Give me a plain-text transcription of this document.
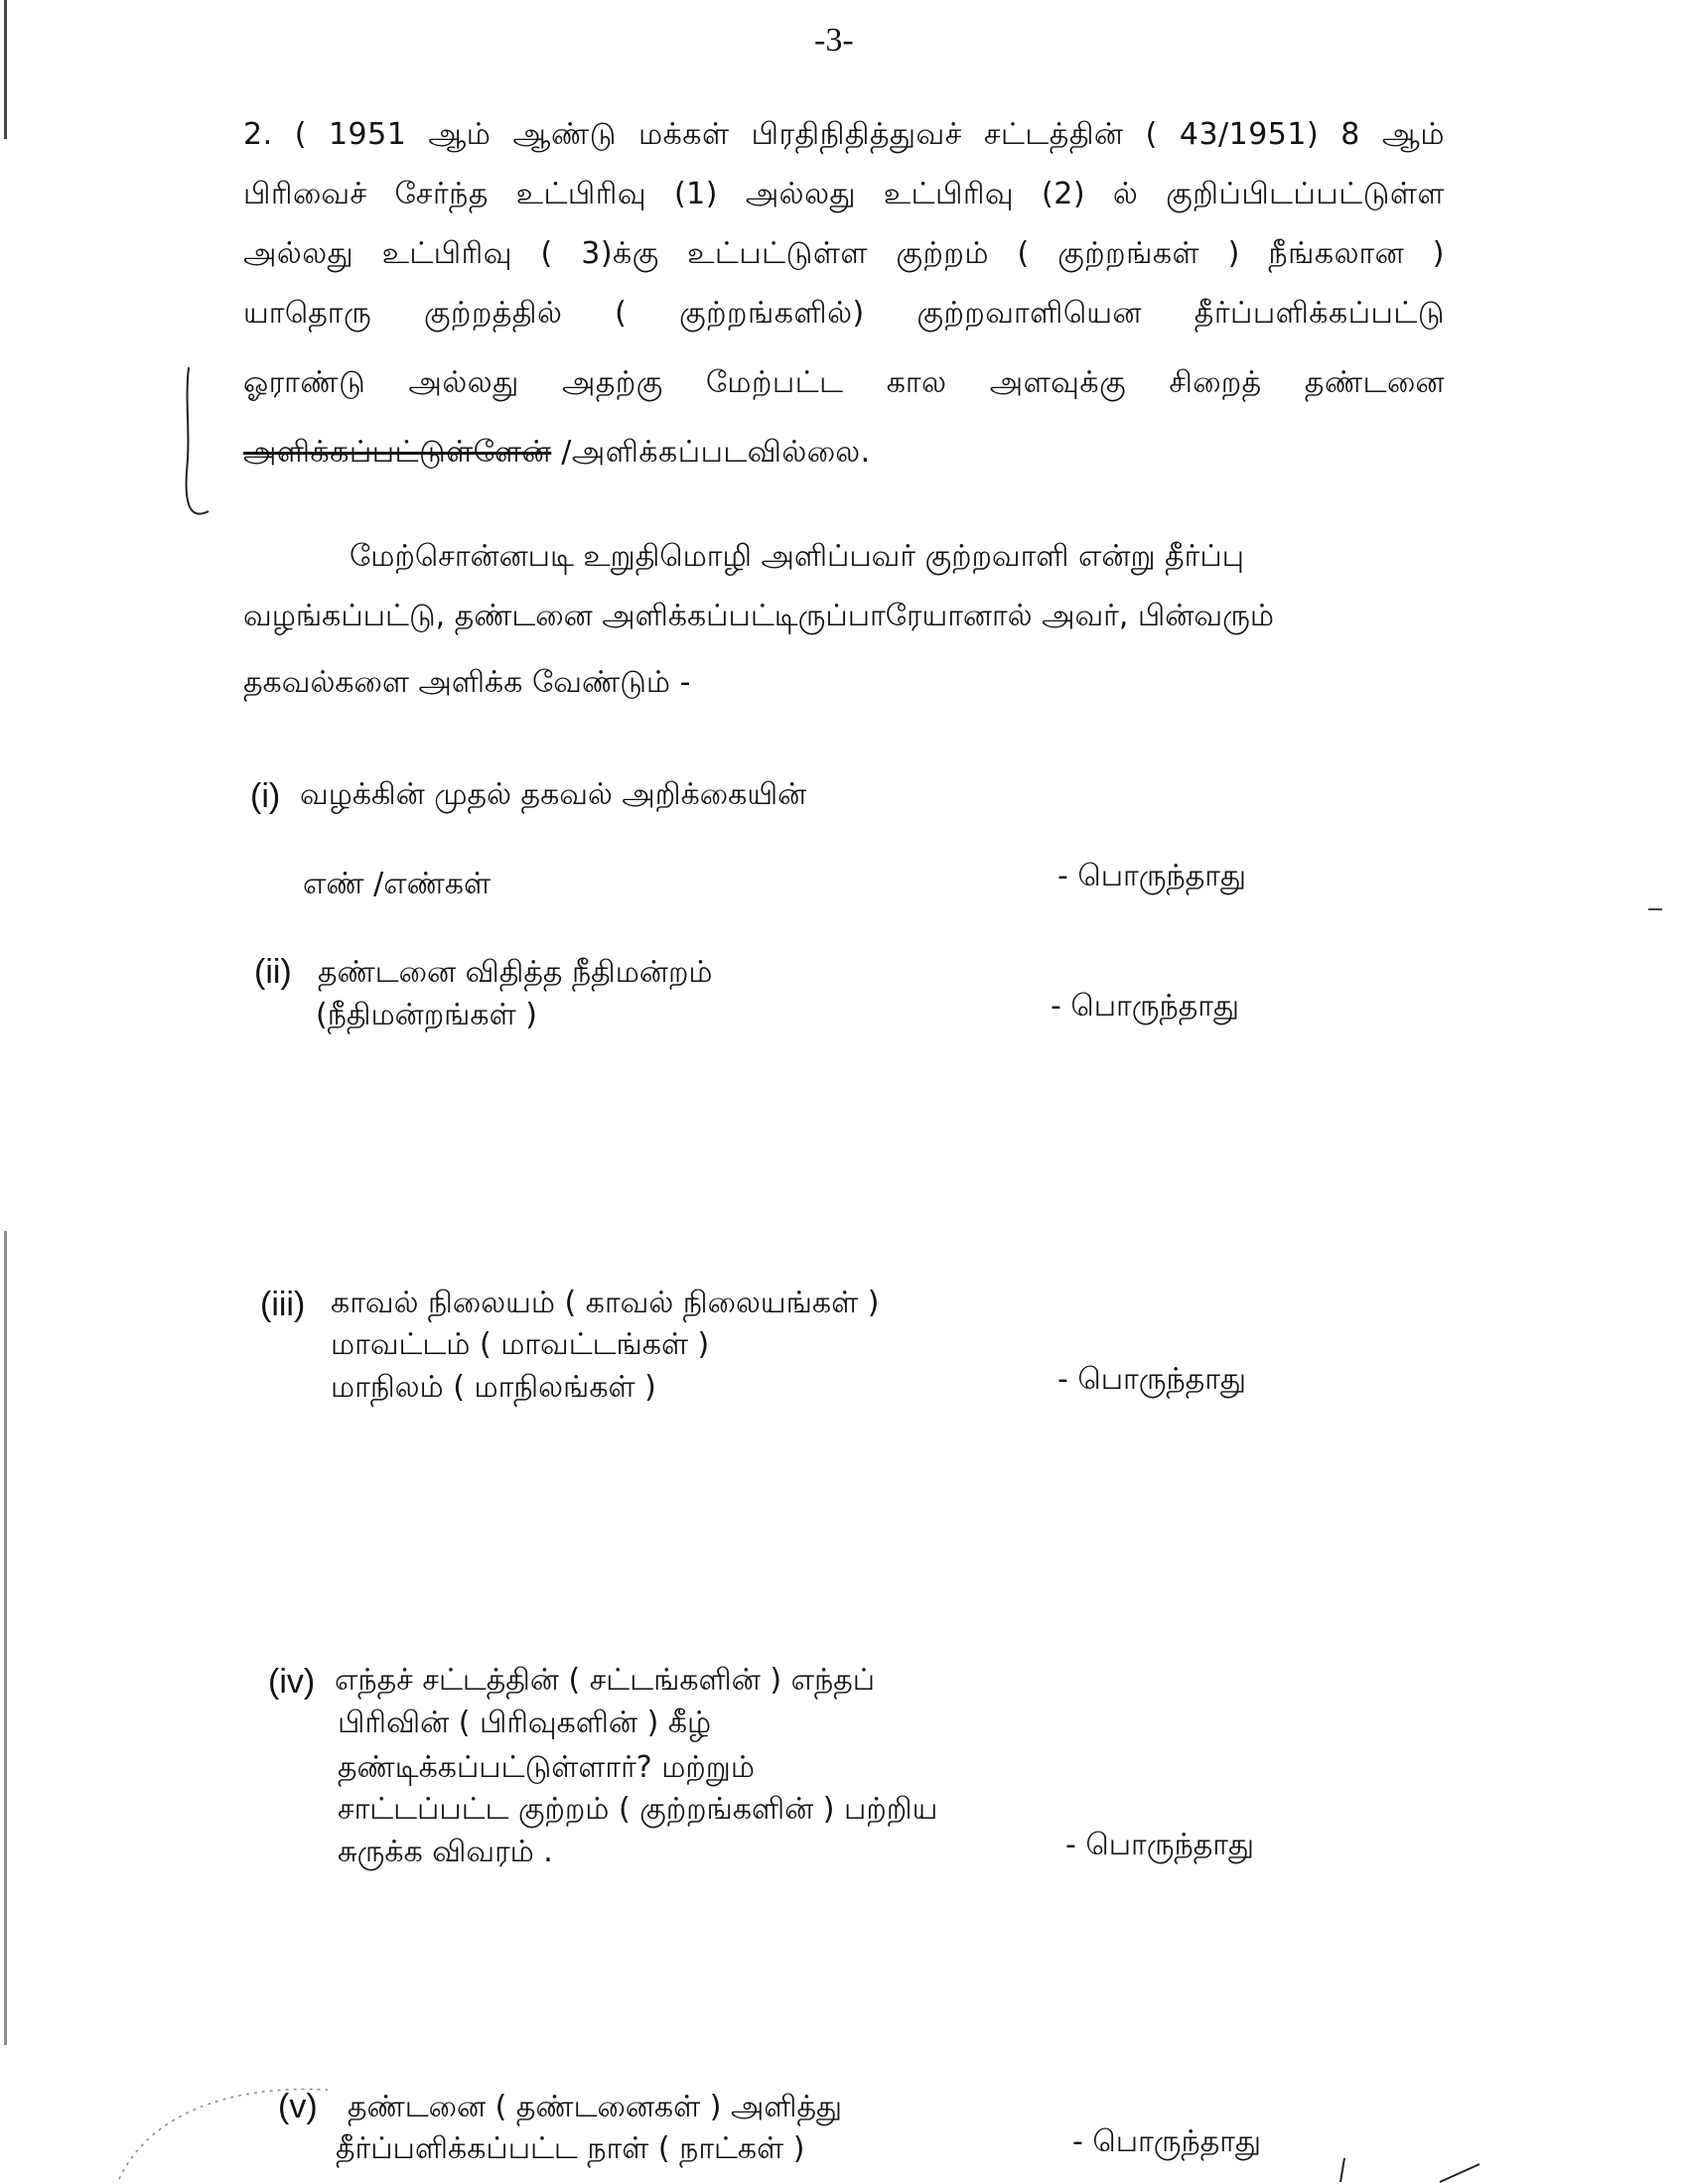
-3-
2. ( 1951 ஆம் ஆண்டு மக்கள் பிரதிநிதித்துவச் சட்டத்தின் ( 43/1951) 8 ஆம்
பிரிவைச் சேர்ந்த உட்பிரிவு (1) அல்லது உட்பிரிவு (2) ல் குறிப்பிடப்பட்டுள்ள
அல்லது உட்பிரிவு ( 3)க்கு உட்பட்டுள்ள குற்றம் ( குற்றங்கள் ) நீங்கலான )
யாதொரு குற்றத்தில் ( குற்றங்களில்) குற்றவாளியென தீர்ப்பளிக்கப்பட்டு
ஓராண்டு அல்லது அதற்கு மேற்பட்ட கால அளவுக்கு சிறைத் தண்டனை
அளிக்கப்பட்டுள்ளேன் /அளிக்கப்படவில்லை.
மேற்சொன்னபடி உறுதிமொழி அளிப்பவர் குற்றவாளி என்று தீர்ப்பு
வழங்கப்பட்டு, தண்டனை அளிக்கப்பட்டிருப்பாரேயானால் அவர், பின்வரும்
தகவல்களை அளிக்க வேண்டும் -
(i) வழக்கின் முதல் தகவல் அறிக்கையின்
எண் /எண்கள்	- பொருந்தாது
(ii) தண்டனை விதித்த நீதிமன்றம்
(நீதிமன்றங்கள் )	- பொருந்தாது
(iii) காவல் நிலையம் ( காவல் நிலையங்கள் )
மாவட்டம் ( மாவட்டங்கள் )
மாநிலம் ( மாநிலங்கள் )	- பொருந்தாது
(iv) எந்தச் சட்டத்தின் ( சட்டங்களின் ) எந்தப்
பிரிவின் ( பிரிவுகளின் ) கீழ்
தண்டிக்கப்பட்டுள்ளார்? மற்றும்
சாட்டப்பட்ட குற்றம் ( குற்றங்களின் ) பற்றிய
சுருக்க விவரம் .	- பொருந்தாது
(v) தண்டனை ( தண்டனைகள் ) அளித்து
தீர்ப்பளிக்கப்பட்ட நாள் ( நாட்கள் )	- பொருந்தாது
